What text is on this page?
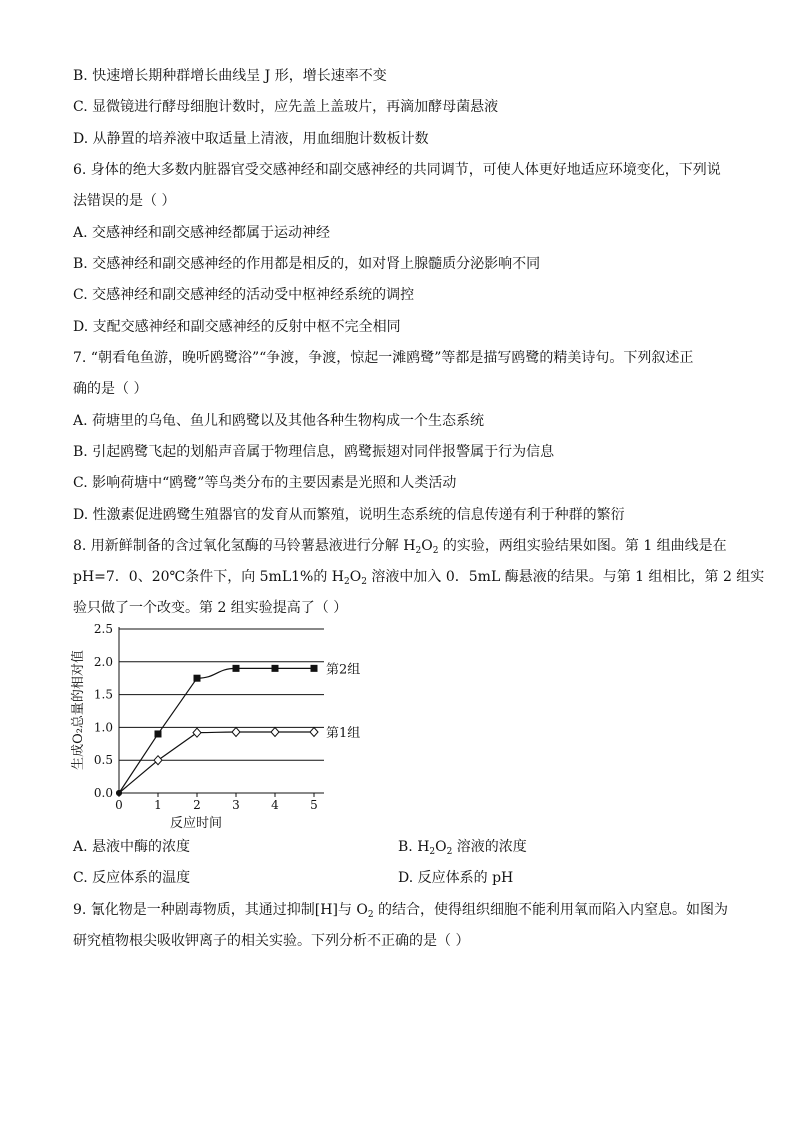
B. 快速增长期种群增长曲线呈 J 形，增长速率不变
C. 显微镜进行酵母细胞计数时，应先盖上盖玻片，再滴加酵母菌悬液
D. 从静置的培养液中取适量上清液，用血细胞计数板计数
6. 身体的绝大多数内脏器官受交感神经和副交感神经的共同调节，可使人体更好地适应环境变化，下列说
法错误的是（ ）
A. 交感神经和副交感神经都属于运动神经
B. 交感神经和副交感神经的作用都是相反的，如对肾上腺髓质分泌影响不同
C. 交感神经和副交感神经的活动受中枢神经系统的调控
D. 支配交感神经和副交感神经的反射中枢不完全相同
7. “朝看龟鱼游，晚听鸥鹭浴”“争渡，争渡，惊起一滩鸥鹭”等都是描写鸥鹭的精美诗句。下列叙述正
确的是（ ）
A. 荷塘里的乌龟、鱼儿和鸥鹭以及其他各种生物构成一个生态系统
B. 引起鸥鹭飞起的划船声音属于物理信息，鸥鹭振翅对同伴报警属于行为信息
C. 影响荷塘中“鸥鹭”等鸟类分布的主要因素是光照和人类活动
D. 性激素促进鸥鹭生殖器官的发育从而繁殖，说明生态系统的信息传递有利于种群的繁衍
8. 用新鲜制备的含过氧化氢酶的马铃薯悬液进行分解 $H_2O_2$ 的实验，两组实验结果如图。第 1 组曲线是在
pH=7．0、20℃条件下，向 5mL1%的 $H_2O_2$ 溶液中加入 0．5mL 酶悬液的结果。与第 1 组相比，第 2 组实
验只做了一个改变。第 2 组实验提高了（ ）
0.0
0.5
1.0
1.5
2.0
2.5
0	1	2	3	4	5
第2组
第1组
反应时间
生成O₂总量的相对值
A. 悬液中酶的浓度	B. $H_2O_2$ 溶液的浓度
C. 反应体系的温度	D. 反应体系的 pH
9. 氰化物是一种剧毒物质，其通过抑制[H]与 $O_2$ 的结合，使得组织细胞不能利用氧而陷入内窒息。如图为
研究植物根尖吸收钾离子的相关实验。下列分析不正确的是（ ）
